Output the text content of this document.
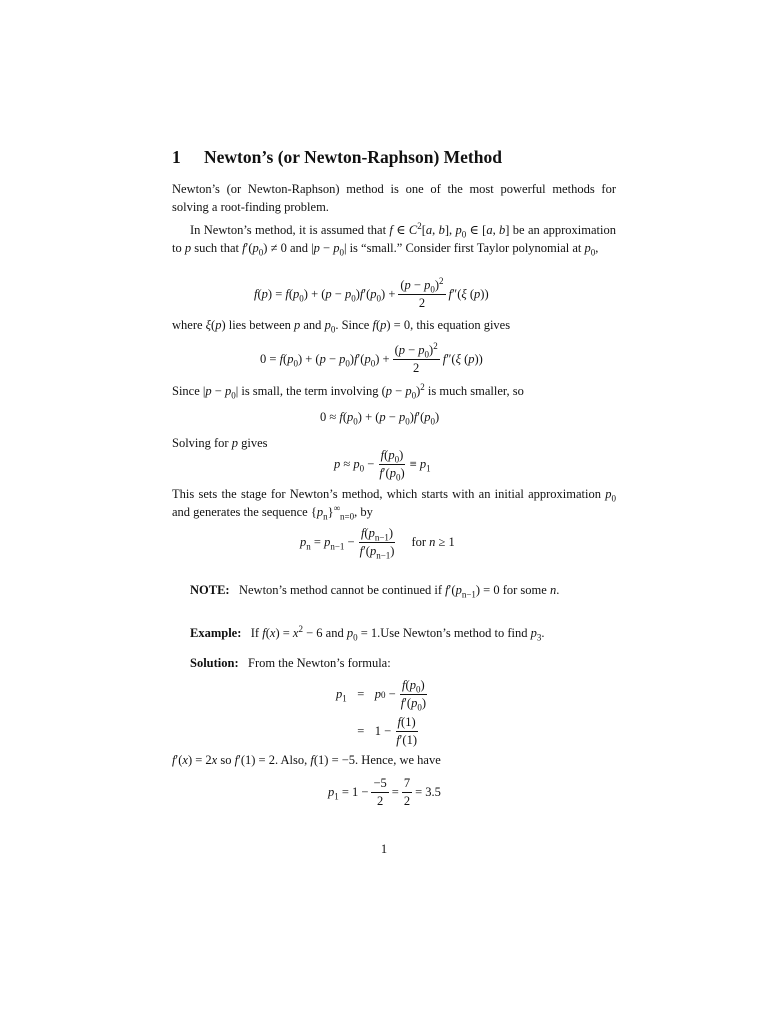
1 Newton’s (or Newton-Raphson) Method

Newton’s (or Newton-Raphson) method is one of the most powerful methods for solving a root-finding problem.

In Newton’s method, it is assumed that f ∈ $C^2[a$, b], $p_0$ ∈ [a, b] be an approximation to p such that $f'(p_0) \ne 0$ and $|p - p_0|$ is “small.” Consider first Taylor polynomial at $p_0$,

$f(p) = f(p_0) + (p - p_0)f'(p_0) + \frac{(p - p_0)^2}{2} f''(\xi$ (p))

where ξ(p) lies between p and $p_0$. Since f(p) = 0, this equation gives

$0 = f(p_0) + (p - p_0)f'(p_0) + \frac{(p - p_0)^2}{2} f''(\xi$ (p))

Since $|p - p_0|$ is small, the term involving $(p - p_0)^2$ is much smaller, so

$0 \approx f(p_0) + (p - p_0)f'(p_0)$

Solving for p gives

$p \approx p_0 - \frac{f(p_0)}{f'(p_0)} \equiv p_1$

This sets the stage for Newton’s method, which starts with an initial approximation $p_0$ and generates the sequence $\{p_n\}^\infty_{n=0}$, by

$p_n = p_{n-1} - \frac{f(p_{n-1})}{f'(p_{n-1})}$ for n ≥ 1

NOTE:   Newton’s method cannot be continued if $f'(p_{n-1}) = 0$ for some n.

Example:   If $f(x) = x^2 - 6$ and $p_0 = 1.Use$ Newton’s method to find $p_3$.

Solution: From the Newton’s formula:

$p_1 = p$ $0 - \frac{f(p_0)}{f'(p_0)}$
= $1 - \frac{f(1)}{f'(1)}$

f′(x) = 2x so f′(1) = 2. Also, f(1) = −5. Hence, we have

$p_1 = 1 - \frac{-5}{2} = \frac{7}{2} = 3.5$
1
